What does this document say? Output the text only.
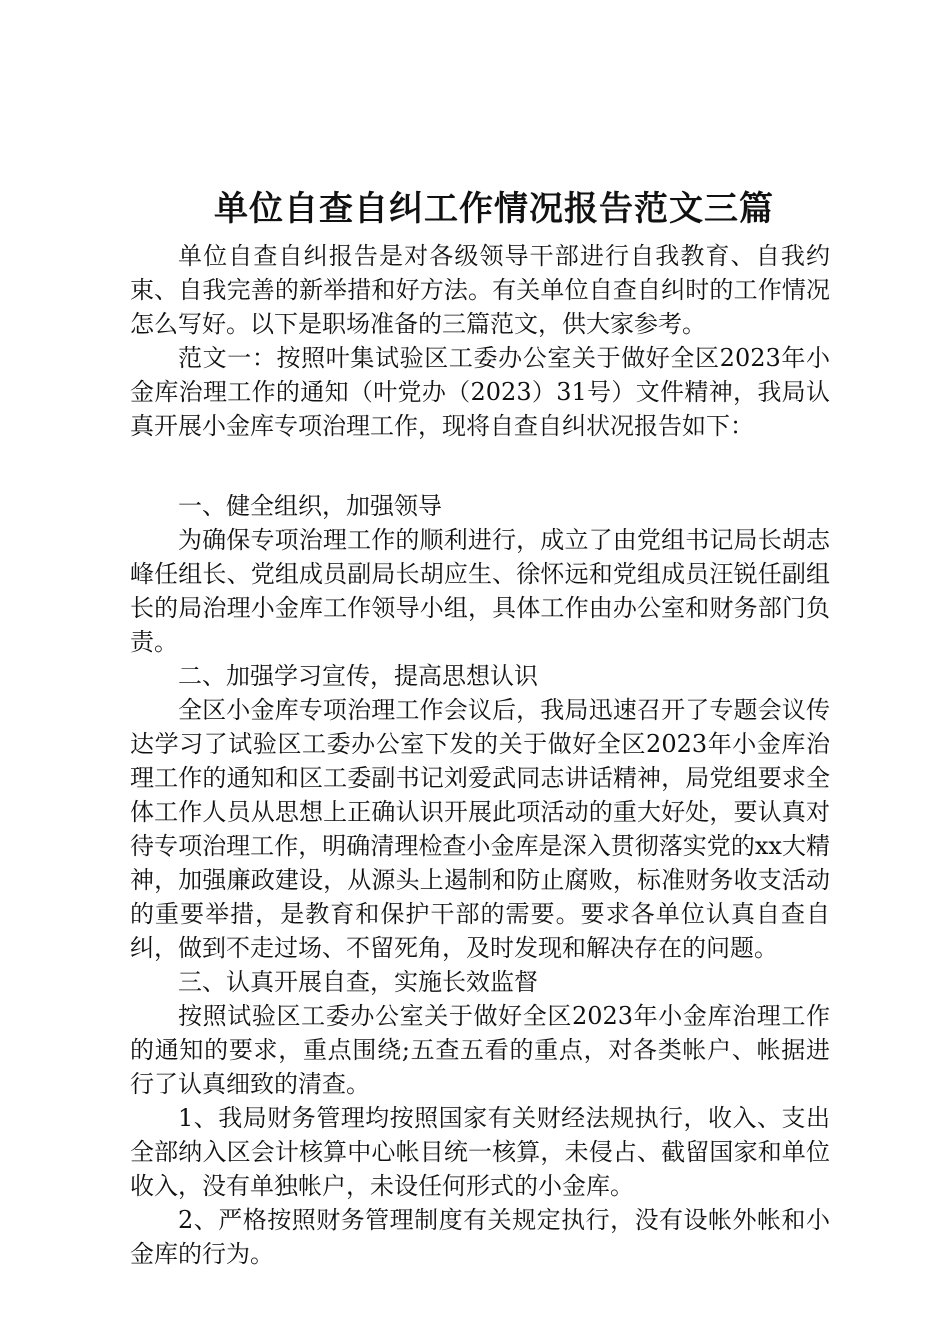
单位自查自纠工作情况报告范文三篇

单位自查自纠报告是对各级领导干部进行自我教育、自我约束、自我完善的新举措和好方法。有关单位自查自纠时的工作情况怎么写好。以下是职场准备的三篇范文，供大家参考。

范文一：按照叶集试验区工委办公室关于做好全区2023年小金库治理工作的通知（叶党办（2023）31号）文件精神，我局认真开展小金库专项治理工作，现将自查自纠状况报告如下：

一、健全组织，加强领导

为确保专项治理工作的顺利进行，成立了由党组书记局长胡志峰任组长、党组成员副局长胡应生、徐怀远和党组成员汪锐任副组长的局治理小金库工作领导小组，具体工作由办公室和财务部门负责。

二、加强学习宣传，提高思想认识

全区小金库专项治理工作会议后，我局迅速召开了专题会议传达学习了试验区工委办公室下发的关于做好全区2023年小金库治理工作的通知和区工委副书记刘爱武同志讲话精神，局党组要求全体工作人员从思想上正确认识开展此项活动的重大好处，要认真对待专项治理工作，明确清理检查小金库是深入贯彻落实党的xx大精神，加强廉政建设，从源头上遏制和防止腐败，标准财务收支活动的重要举措，是教育和保护干部的需要。要求各单位认真自查自纠，做到不走过场、不留死角，及时发现和解决存在的问题。

三、认真开展自查，实施长效监督

按照试验区工委办公室关于做好全区2023年小金库治理工作的通知的要求，重点围绕;五查五看的重点，对各类帐户、帐据进行了认真细致的清查。

1、我局财务管理均按照国家有关财经法规执行，收入、支出全部纳入区会计核算中心帐目统一核算，未侵占、截留国家和单位收入，没有单独帐户，未设任何形式的小金库。

2、严格按照财务管理制度有关规定执行，没有设帐外帐和小金库的行为。
